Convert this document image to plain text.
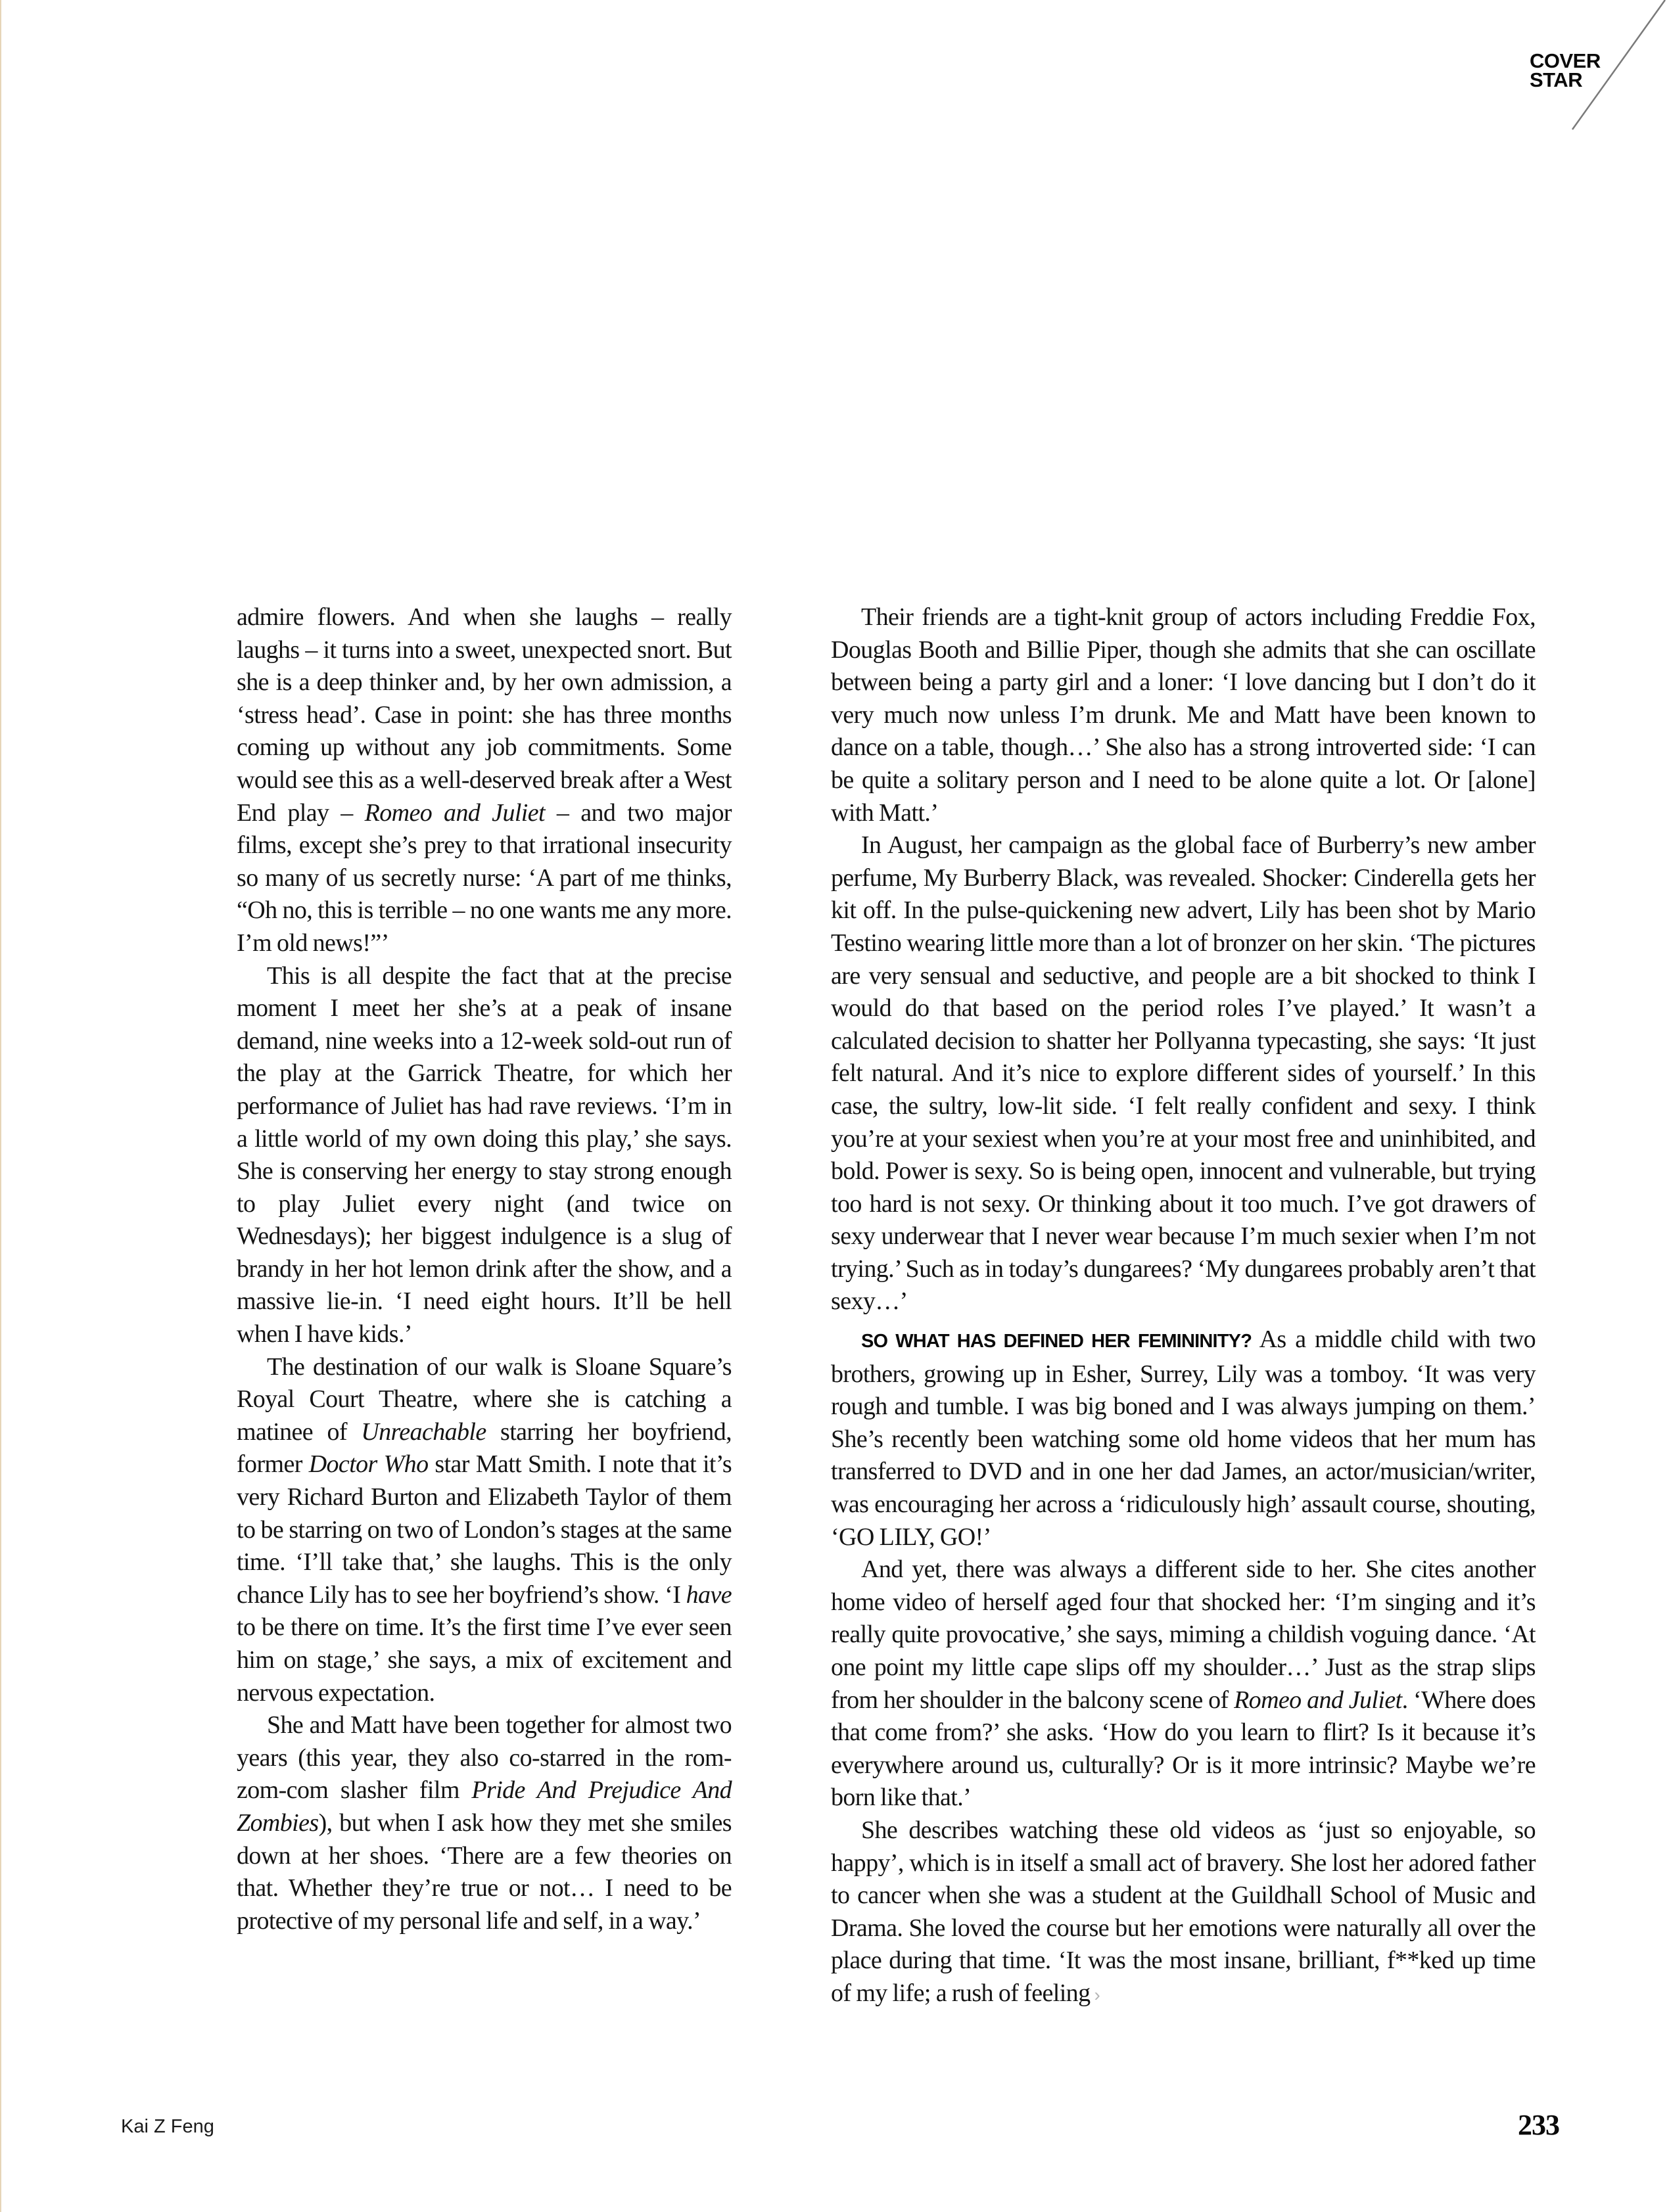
COVER
STAR

admire flowers. And when she laughs – really laughs – it turns into a sweet, unexpected snort. But she is a deep thinker and, by her own admission, a ‘stress head’. Case in point: she has three months coming up without any job commitments. Some would see this as a well-deserved break after a West End play – Romeo and Juliet – and two major films, except she’s prey to that irrational insecurity so many of us secretly nurse: ‘A part of me thinks, “Oh no, this is terrible – no one wants me any more. I’m old news!”’

This is all despite the fact that at the precise moment I meet her she’s at a peak of insane demand, nine weeks into a 12-week sold-out run of the play at the Garrick Theatre, for which her performance of Juliet has had rave reviews. ‘I’m in a little world of my own doing this play,’ she says. She is conserving her energy to stay strong enough to play Juliet every night (and twice on Wednesdays); her biggest indulgence is a slug of brandy in her hot lemon drink after the show, and a massive lie-in. ‘I need eight hours. It’ll be hell when I have kids.’

The destination of our walk is Sloane Square’s Royal Court Theatre, where she is catching a matinee of Unreachable starring her boyfriend, former Doctor Who star Matt Smith. I note that it’s very Richard Burton and Elizabeth Taylor of them to be starring on two of London’s stages at the same time. ‘I’ll take that,’ she laughs. This is the only chance Lily has to see her boyfriend’s show. ‘I have to be there on time. It’s the first time I’ve ever seen him on stage,’ she says, a mix of excitement and nervous expectation.

She and Matt have been together for almost two years (this year, they also co-starred in the rom-zom-com slasher film Pride And Prejudice And Zombies), but when I ask how they met she smiles down at her shoes. ‘There are a few theories on that. Whether they’re true or not… I need to be protective of my personal life and self, in a way.’

Their friends are a tight-knit group of actors including Freddie Fox, Douglas Booth and Billie Piper, though she admits that she can oscillate between being a party girl and a loner: ‘I love dancing but I don’t do it very much now unless I’m drunk. Me and Matt have been known to dance on a table, though…’ She also has a strong introverted side: ‘I can be quite a solitary person and I need to be alone quite a lot. Or [alone] with Matt.’

In August, her campaign as the global face of Burberry’s new amber perfume, My Burberry Black, was revealed. Shocker: Cinderella gets her kit off. In the pulse-quickening new advert, Lily has been shot by Mario Testino wearing little more than a lot of bronzer on her skin. ‘The pictures are very sensual and seductive, and people are a bit shocked to think I would do that based on the period roles I’ve played.’ It wasn’t a calculated decision to shatter her Pollyanna typecasting, she says: ‘It just felt natural. And it’s nice to explore different sides of yourself.’ In this case, the sultry, low-lit side. ‘I felt really confident and sexy. I think you’re at your sexiest when you’re at your most free and uninhibited, and bold. Power is sexy. So is being open, innocent and vulnerable, but trying too hard is not sexy. Or thinking about it too much. I’ve got drawers of sexy underwear that I never wear because I’m much sexier when I’m not trying.’ Such as in today’s dungarees? ‘My dungarees probably aren’t that sexy…’

SO WHAT HAS DEFINED HER FEMININITY? As a middle child with two brothers, growing up in Esher, Surrey, Lily was a tomboy. ‘It was very rough and tumble. I was big boned and I was always jumping on them.’ She’s recently been watching some old home videos that her mum has transferred to DVD and in one her dad James, an actor/musician/writer, was encouraging her across a ‘ridiculously high’ assault course, shouting, ‘GO LILY, GO!’

And yet, there was always a different side to her. She cites another home video of herself aged four that shocked her: ‘I’m singing and it’s really quite provocative,’ she says, miming a childish voguing dance. ‘At one point my little cape slips off my shoulder…’ Just as the strap slips from her shoulder in the balcony scene of Romeo and Juliet. ‘Where does that come from?’ she asks. ‘How do you learn to flirt? Is it because it’s everywhere around us, culturally? Or is it more intrinsic? Maybe we’re born like that.’

She describes watching these old videos as ‘just so enjoyable, so happy’, which is in itself a small act of bravery. She lost her adored father to cancer when she was a student at the Guildhall School of Music and Drama. She loved the course but her emotions were naturally all over the place during that time. ‘It was the most insane, brilliant, f**ked up time of my life; a rush of feeling ›

Kai Z Feng	233
